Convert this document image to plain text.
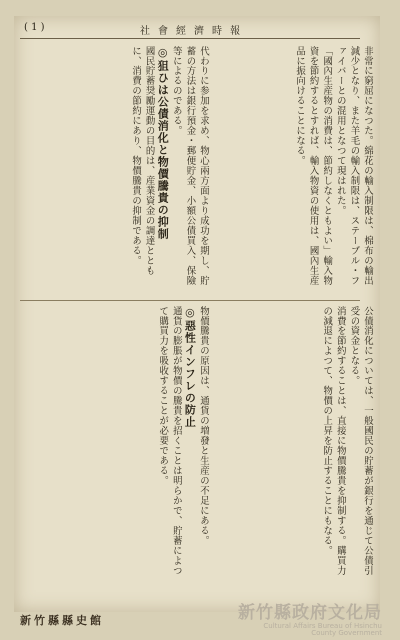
( 1 )	社會經濟時報
非常に窮屈になつた。綿花の輸入制限は、棉布の輸出減少となり、また羊毛の輸入制限は、ステーブル・ファイバーとの混用となつて現はれた。
「國內生産物の消費は、節約しなくともよい」輸入物資を節約するとすれば、輸入物資の使用は、國內生産品に振向けることになる。
代わりに参加を求め、物心兩方面より成功を期し、貯蓄の方法は銀行預金・郵便貯金、小額公債買入、保險等によるのである。
◎狙ひは公債消化と物價騰貴の抑制
國民貯蓄奨勵運動の目的は、産業資金の調達とともに、消費の節約にあり、物價騰貴の抑制である。
公債消化については、一般國民の貯蓄が銀行を通じて公債引受の資金となる。
消費を節約することは、直接に物價騰貴を抑制する。購買力の減退によつて、物價の上昇を防止することにもなる。
物價騰貴の原因は、通貨の増發と生産の不足にある。
◎惡性インフレの防止
通貨の膨脹が物價の騰貴を招くことは明らかで、貯蓄によつて購買力を吸收することが必要である。
新竹縣縣史館	新竹縣政府文化局
Cultural Affairs Bureau of Hsinchu
County Government
